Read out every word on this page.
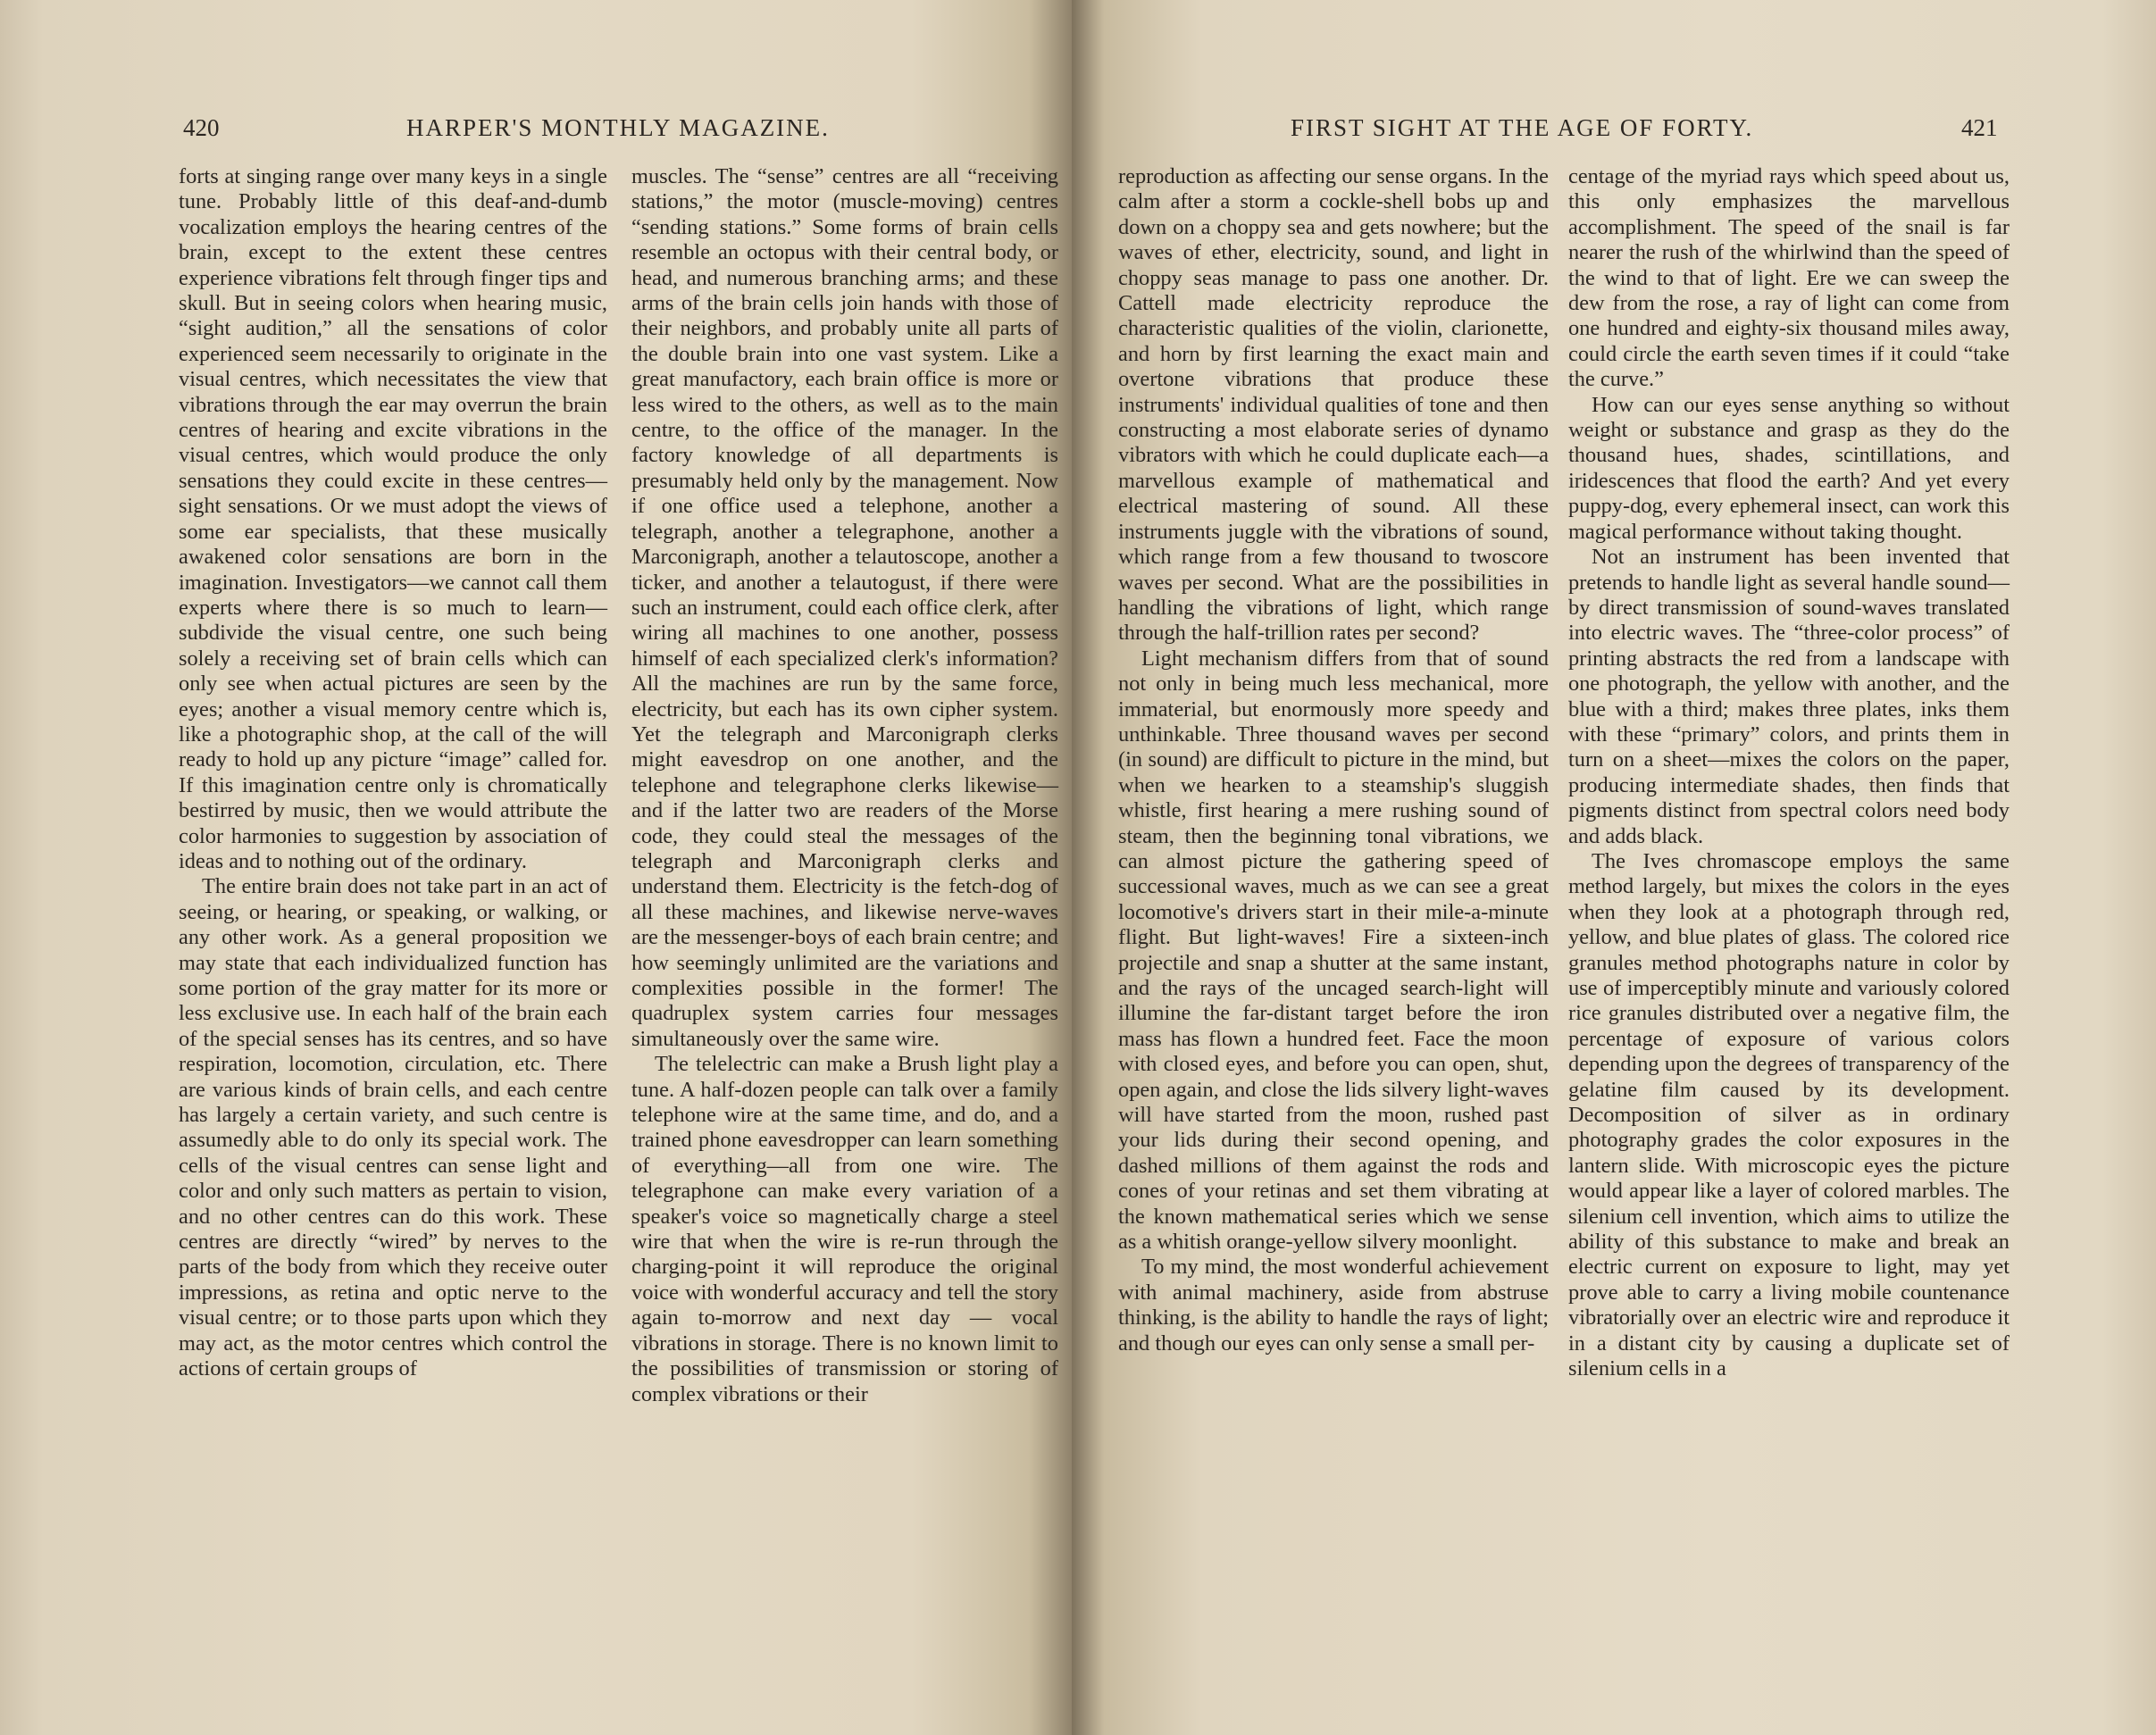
420	HARPER'S MONTHLY MAGAZINE.

forts at singing range over many keys in a single tune. Probably little of this deaf-and-dumb vocalization employs the hearing centres of the brain, except to the extent these centres experience vibrations felt through finger tips and skull. But in seeing colors when hearing music, “sight audition,” all the sensations of color experienced seem necessarily to originate in the visual centres, which necessitates the view that vibrations through the ear may overrun the brain centres of hearing and excite vibrations in the visual centres, which would produce the only sensations they could excite in these centres—sight sensations. Or we must adopt the views of some ear specialists, that these musically awakened color sensations are born in the imagination. Investigators—we cannot call them experts where there is so much to learn—subdivide the visual centre, one such being solely a receiving set of brain cells which can only see when actual pictures are seen by the eyes; another a visual memory centre which is, like a photographic shop, at the call of the will ready to hold up any picture “image” called for. If this imagination centre only is chromatically bestirred by music, then we would attribute the color harmonies to suggestion by association of ideas and to nothing out of the ordinary.

The entire brain does not take part in an act of seeing, or hearing, or speaking, or walking, or any other work. As a general proposition we may state that each individualized function has some portion of the gray matter for its more or less exclusive use. In each half of the brain each of the special senses has its centres, and so have respiration, locomotion, circulation, etc. There are various kinds of brain cells, and each centre has largely a certain variety, and such centre is assumedly able to do only its special work. The cells of the visual centres can sense light and color and only such matters as pertain to vision, and no other centres can do this work. These centres are directly “wired” by nerves to the parts of the body from which they receive outer impressions, as retina and optic nerve to the visual centre; or to those parts upon which they may act, as the motor centres which control the actions of certain groups of

muscles. The “sense” centres are all “receiving stations,” the motor (muscle-moving) centres “sending stations.” Some forms of brain cells resemble an octopus with their central body, or head, and numerous branching arms; and these arms of the brain cells join hands with those of their neighbors, and probably unite all parts of the double brain into one vast system. Like a great manufactory, each brain office is more or less wired to the others, as well as to the main centre, to the office of the manager. In the factory knowledge of all departments is presumably held only by the management. Now if one office used a telephone, another a telegraph, another a telegraphone, another a Marconigraph, another a telautoscope, another a ticker, and another a telautogust, if there were such an instrument, could each office clerk, after wiring all machines to one another, possess himself of each specialized clerk's information? All the machines are run by the same force, electricity, but each has its own cipher system. Yet the telegraph and Marconigraph clerks might eavesdrop on one another, and the telephone and telegraphone clerks likewise—and if the latter two are readers of the Morse code, they could steal the messages of the telegraph and Marconigraph clerks and understand them. Electricity is the fetch-dog of all these machines, and likewise nerve-waves are the messenger-boys of each brain centre; and how seemingly unlimited are the variations and complexities possible in the former! The quadruplex system carries four messages simultaneously over the same wire.

The telelectric can make a Brush light play a tune. A half-dozen people can talk over a family telephone wire at the same time, and do, and a trained phone eavesdropper can learn something of everything—all from one wire. The telegraphone can make every variation of a speaker's voice so magnetically charge a steel wire that when the wire is re-run through the charging-point it will reproduce the original voice with wonderful accuracy and tell the story again to-morrow and next day — vocal vibrations in storage. There is no known limit to the possibilities of transmission or storing of complex vibrations or their

FIRST SIGHT AT THE AGE OF FORTY.	421

reproduction as affecting our sense organs. In the calm after a storm a cockle-shell bobs up and down on a choppy sea and gets nowhere; but the waves of ether, electricity, sound, and light in choppy seas manage to pass one another. Dr. Cattell made electricity reproduce the characteristic qualities of the violin, clarionette, and horn by first learning the exact main and overtone vibrations that produce these instruments' individual qualities of tone and then constructing a most elaborate series of dynamo vibrators with which he could duplicate each—a marvellous example of mathematical and electrical mastering of sound. All these instruments juggle with the vibrations of sound, which range from a few thousand to twoscore waves per second. What are the possibilities in handling the vibrations of light, which range through the half-trillion rates per second?

Light mechanism differs from that of sound not only in being much less mechanical, more immaterial, but enormously more speedy and unthinkable. Three thousand waves per second (in sound) are difficult to picture in the mind, but when we hearken to a steamship's sluggish whistle, first hearing a mere rushing sound of steam, then the beginning tonal vibrations, we can almost picture the gathering speed of successional waves, much as we can see a great locomotive's drivers start in their mile-a-minute flight. But light-waves! Fire a sixteen-inch projectile and snap a shutter at the same instant, and the rays of the uncaged search-light will illumine the far-distant target before the iron mass has flown a hundred feet. Face the moon with closed eyes, and before you can open, shut, open again, and close the lids silvery light-waves will have started from the moon, rushed past your lids during their second opening, and dashed millions of them against the rods and cones of your retinas and set them vibrating at the known mathematical series which we sense as a whitish orange-yellow silvery moonlight.

To my mind, the most wonderful achievement with animal machinery, aside from abstruse thinking, is the ability to handle the rays of light; and though our eyes can only sense a small per-

centage of the myriad rays which speed about us, this only emphasizes the marvellous accomplishment. The speed of the snail is far nearer the rush of the whirlwind than the speed of the wind to that of light. Ere we can sweep the dew from the rose, a ray of light can come from one hundred and eighty-six thousand miles away, could circle the earth seven times if it could “take the curve.”

How can our eyes sense anything so without weight or substance and grasp as they do the thousand hues, shades, scintillations, and iridescences that flood the earth? And yet every puppy-dog, every ephemeral insect, can work this magical performance without taking thought.

Not an instrument has been invented that pretends to handle light as several handle sound—by direct transmission of sound-waves translated into electric waves. The “three-color process” of printing abstracts the red from a landscape with one photograph, the yellow with another, and the blue with a third; makes three plates, inks them with these “primary” colors, and prints them in turn on a sheet—mixes the colors on the paper, producing intermediate shades, then finds that pigments distinct from spectral colors need body and adds black.

The Ives chromascope employs the same method largely, but mixes the colors in the eyes when they look at a photograph through red, yellow, and blue plates of glass. The colored rice granules method photographs nature in color by use of imperceptibly minute and variously colored rice granules distributed over a negative film, the percentage of exposure of various colors depending upon the degrees of transparency of the gelatine film caused by its development. Decomposition of silver as in ordinary photography grades the color exposures in the lantern slide. With microscopic eyes the picture would appear like a layer of colored marbles. The silenium cell invention, which aims to utilize the ability of this substance to make and break an electric current on exposure to light, may yet prove able to carry a living mobile countenance vibratorially over an electric wire and reproduce it in a distant city by causing a duplicate set of silenium cells in a
